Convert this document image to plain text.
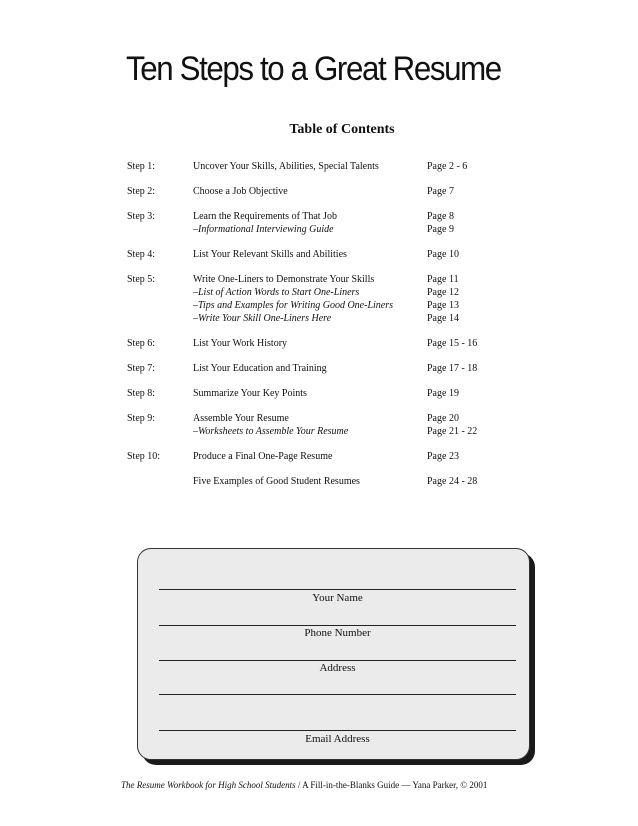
Ten Steps to a Great Resume
Table of Contents
Step 1:	Uncover Your Skills, Abilities, Special Talents	Page 2 - 6
Step 2:	Choose a Job Objective	Page 7
Step 3:	Learn the Requirements of That Job	Page 8
–Informational Interviewing Guide	Page 9
Step 4:	List Your Relevant Skills and Abilities	Page 10
Step 5:	Write One-Liners to Demonstrate Your Skills	Page 11
–List of Action Words to Start One-Liners	Page 12
–Tips and Examples for Writing Good One-Liners	Page 13
–Write Your Skill One-Liners Here	Page 14
Step 6:	List Your Work History	Page 15 - 16
Step 7:	List Your Education and Training	Page 17 - 18
Step 8:	Summarize Your Key Points	Page 19
Step 9:	Assemble Your Resume	Page 20
–Worksheets to Assemble Your Resume	Page 21 - 22
Step 10:	Produce a Final One-Page Resume	Page 23
Five Examples of Good Student Resumes	Page 24 - 28
Your Name
Phone Number
Address
Email Address
The Resume Workbook for High School Students / A Fill-in-the-Blanks Guide — Yana Parker, © 2001
